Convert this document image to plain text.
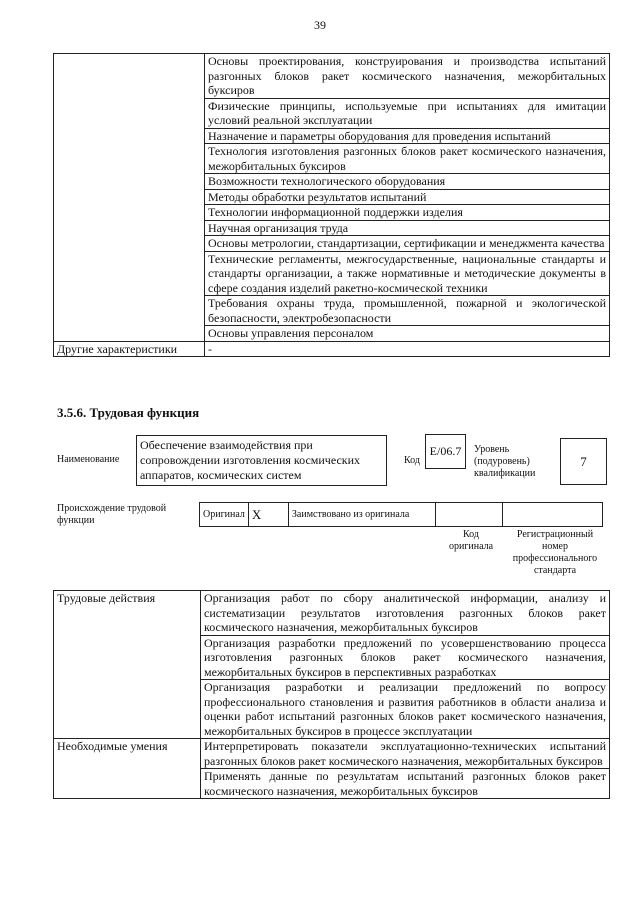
39
	Основы проектирования, конструирования и производства испытаний разгонных блоков ракет космического назначения, межорбитальных буксиров
	Физические принципы, используемые при испытаниях для имитации условий реальной эксплуатации
	Назначение и параметры оборудования для проведения испытаний
	Технология изготовления разгонных блоков ракет космического назначения, межорбитальных буксиров
	Возможности технологического оборудования
	Методы обработки результатов испытаний
	Технологии информационной поддержки изделия
	Научная организация труда
	Основы метрологии, стандартизации, сертификации и менеджмента качества
	Технические регламенты, межгосударственные, национальные стандарты и стандарты организации, а также нормативные и методические документы в сфере создания изделий ракетно-космической техники
	Требования охраны труда, промышленной, пожарной и экологической безопасности, электробезопасности
	Основы управления персоналом
Другие характеристики	-
3.5.6. Трудовая функция
Наименование
Обеспечение взаимодействия при сопровождении изготовления космических аппаратов, космических систем
Код
E/06.7	Уровень (подуровень) квалификации
7
Происхождение трудовой функции
Оригинал	X	Заимствовано из оригинала		
Код оригинала
Регистрационный номер профессионального стандарта
Трудовые действия	Организация работ по сбору аналитической информации, анализу и систематизации результатов изготовления разгонных блоков ракет космического назначения, межорбитальных буксиров
	Организация разработки предложений по усовершенствованию процесса изготовления разгонных блоков ракет космического назначения, межорбитальных буксиров в перспективных разработках
	Организация разработки и реализации предложений по вопросу профессионального становления и развития работников в области анализа и оценки работ испытаний разгонных блоков ракет космического назначения, межорбитальных буксиров в процессе эксплуатации
Необходимые умения	Интерпретировать показатели эксплуатационно-технических испытаний разгонных блоков ракет космического назначения, межорбитальных буксиров
	Применять данные по результатам испытаний разгонных блоков ракет космического назначения, межорбитальных буксиров
